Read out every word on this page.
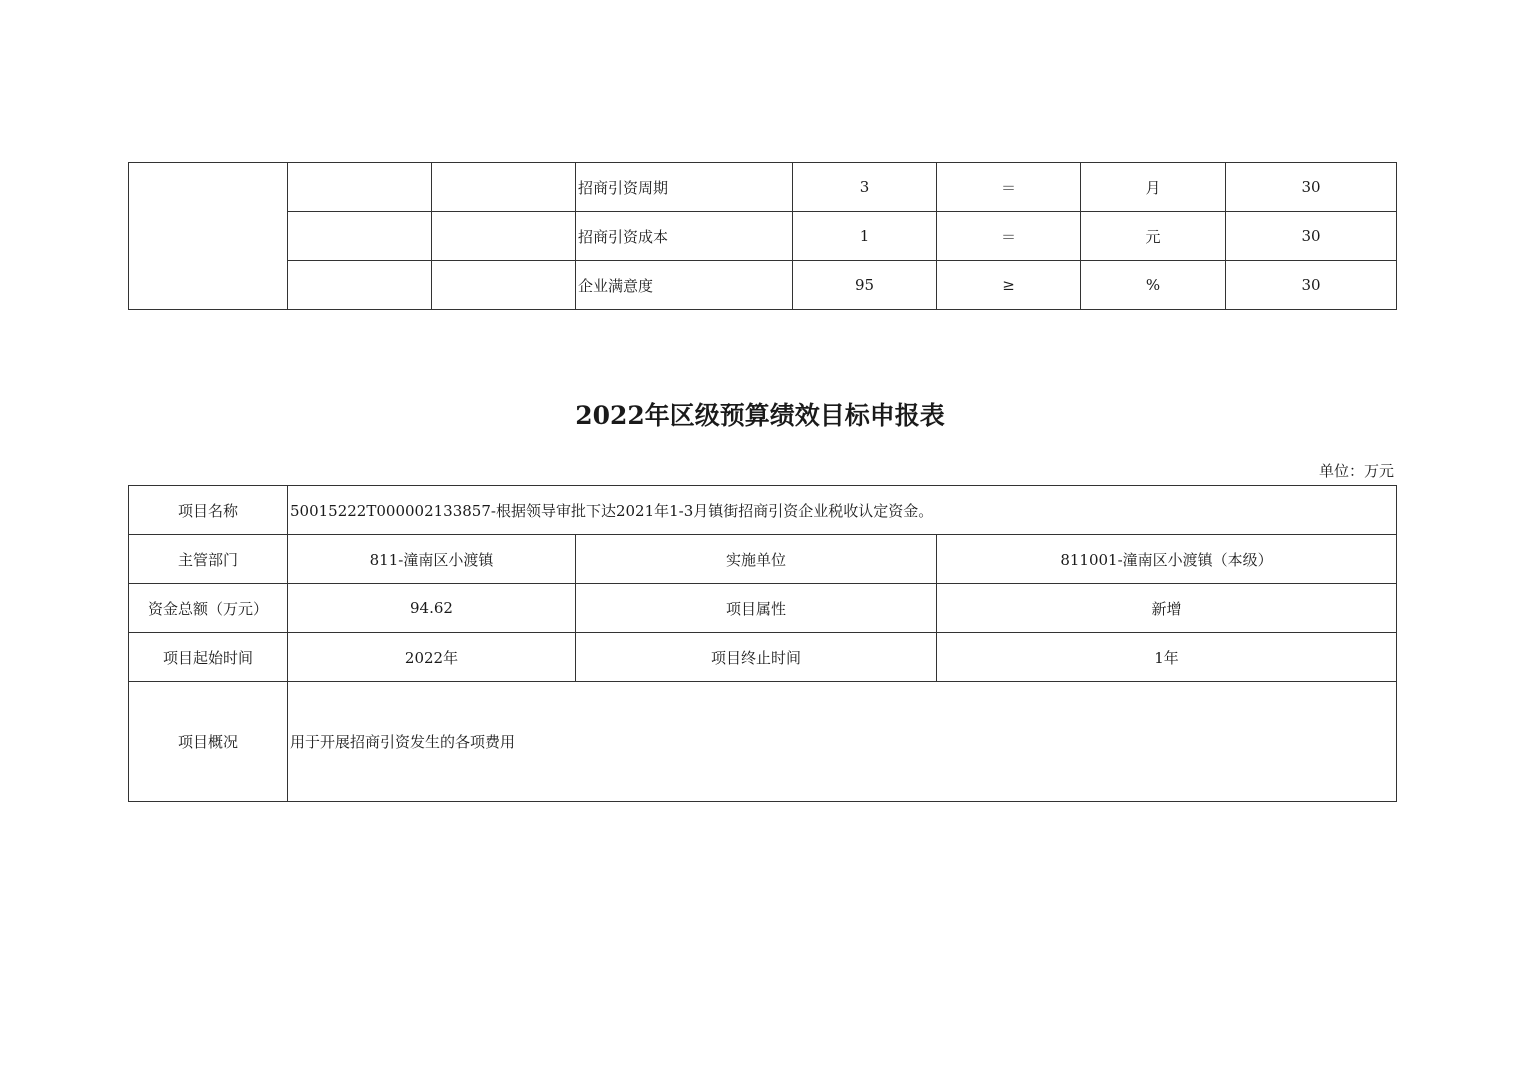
			招商引资周期	3	＝	月	30
			招商引资成本	1	＝	元	30
			企业满意度	95	≥	%	30
2022年区级预算绩效目标申报表
单位：万元
项目名称	50015222T000002133857-根据领导审批下达2021年1-3月镇街招商引资企业税收认定资金。		
主管部门	811-潼南区小渡镇	实施单位	811001-潼南区小渡镇（本级）
资金总额（万元）	94.62	项目属性	新增
项目起始时间	2022年	项目终止时间	1年
项目概况	用于开展招商引资发生的各项费用		
